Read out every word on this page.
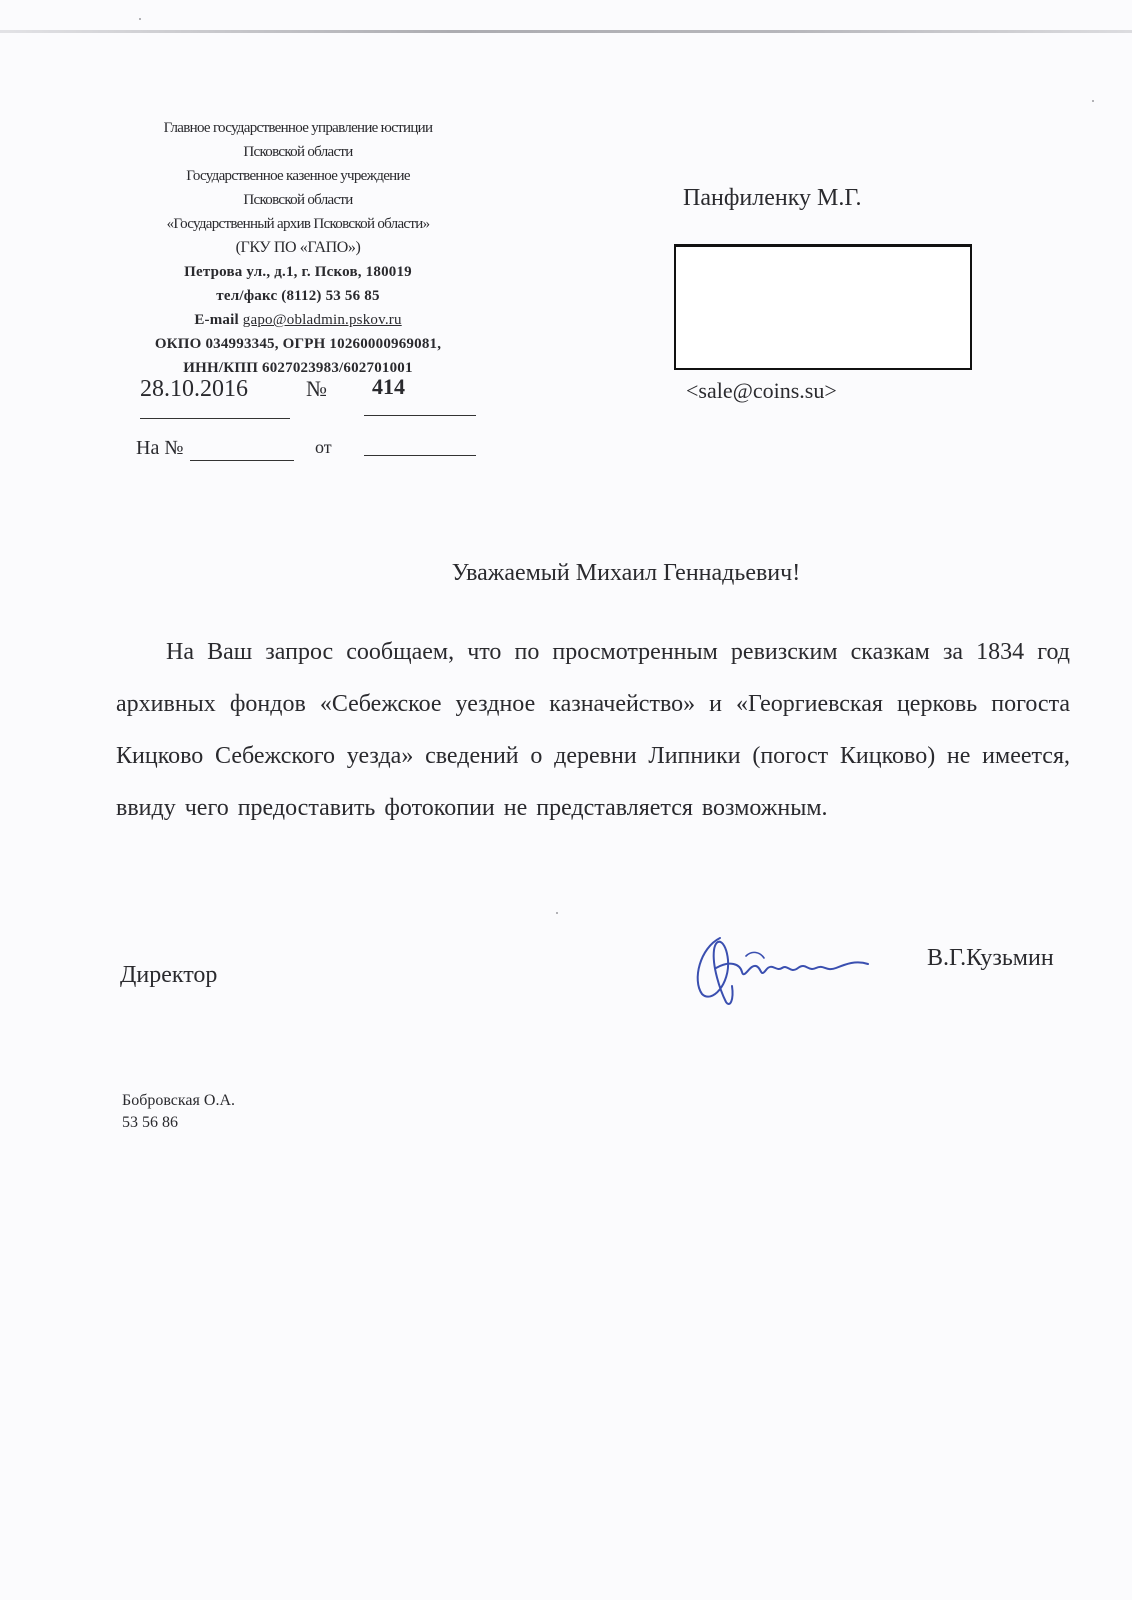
Главное государственное управление юстиции
Псковской области
Государственное казенное учреждение
Псковской области
«Государственный архив Псковской области»
(ГКУ ПО «ГАПО»)
Петрова ул., д.1, г. Псков, 180019
тел/факс (8112) 53 56 85
E-mail gapo@obladmin.pskov.ru
ОКПО 034993345, ОГРН 10260000969081,
ИНН/КПП 6027023983/602701001
28.10.2016	№ 414
На №	от
Панфиленку М.Г.
<sale@coins.su>
Уважаемый Михаил Геннадьевич!
На Ваш запрос сообщаем, что по просмотренным ревизским сказкам за 1834 год архивных фондов «Себежское уездное казначейство» и «Георгиевская церковь погоста Кицково Себежского уезда» сведений о деревни Липники (погост Кицково) не имеется, ввиду чего предоставить фотокопии не представляется возможным.
Директор
В.Г.Кузьмин
Бобровская О.А.
53 56 86
